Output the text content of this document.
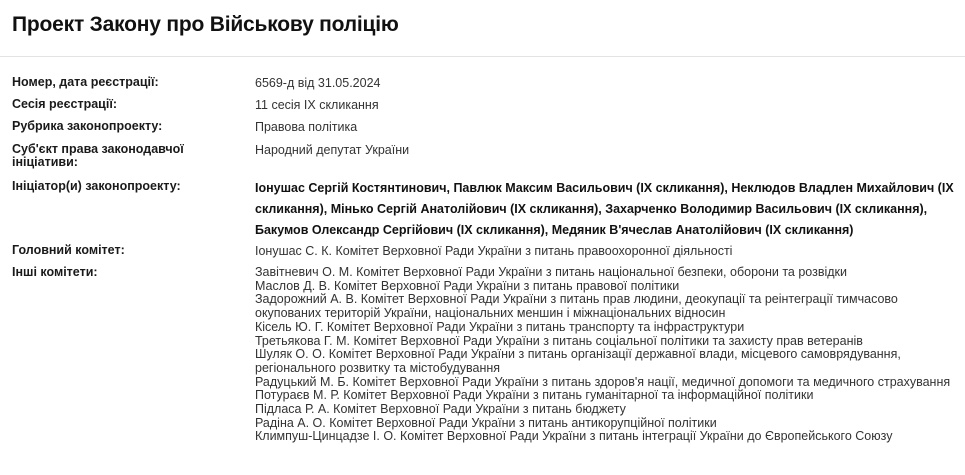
Проект Закону про Військову поліцію
Номер, дата реєстрації:	6569-д від 31.05.2024
Сесія реєстрації:	11 сесія IX скликання
Рубрика законопроекту:	Правова політика
Суб'єкт права законодавчої ініціативи:
Народний депутат України
Ініціатор(и) законопроекту:	Іонушас Сергій Костянтинович, Павлюк Максим Васильович (IX скликання), Неклюдов Владлен Михайлович (IX скликання), Мінько Сергій Анатолійович (IX скликання), Захарченко Володимир Васильович (IX скликання), Бакумов Олександр Сергійович (IX скликання), Медяник В'ячеслав Анатолійович (IX скликання)
Головний комітет:	Іонушас С. К. Комітет Верховної Ради України з питань правоохоронної діяльності
Інші комітети:	Завітневич О. М. Комітет Верховної Ради України з питань національної безпеки, оборони та розвідки
Маслов Д. В. Комітет Верховної Ради України з питань правової політики
Задорожний А. В. Комітет Верховної Ради України з питань прав людини, деокупації та реінтеграції тимчасово окупованих територій України, національних меншин і міжнаціональних відносин
Кісель Ю. Г. Комітет Верховної Ради України з питань транспорту та інфраструктури
Третьякова Г. М. Комітет Верховної Ради України з питань соціальної політики та захисту прав ветеранів
Шуляк О. О. Комітет Верховної Ради України з питань організації державної влади, місцевого самоврядування, регіонального розвитку та містобудування
Радуцький М. Б. Комітет Верховної Ради України з питань здоров'я нації, медичної допомоги та медичного страхування
Потураєв М. Р. Комітет Верховної Ради України з питань гуманітарної та інформаційної політики
Підласа Р. А. Комітет Верховної Ради України з питань бюджету
Радіна А. О. Комітет Верховної Ради України з питань антикорупційної політики
Климпуш-Цинцадзе І. О. Комітет Верховної Ради України з питань інтеграції України до Європейського Союзу
